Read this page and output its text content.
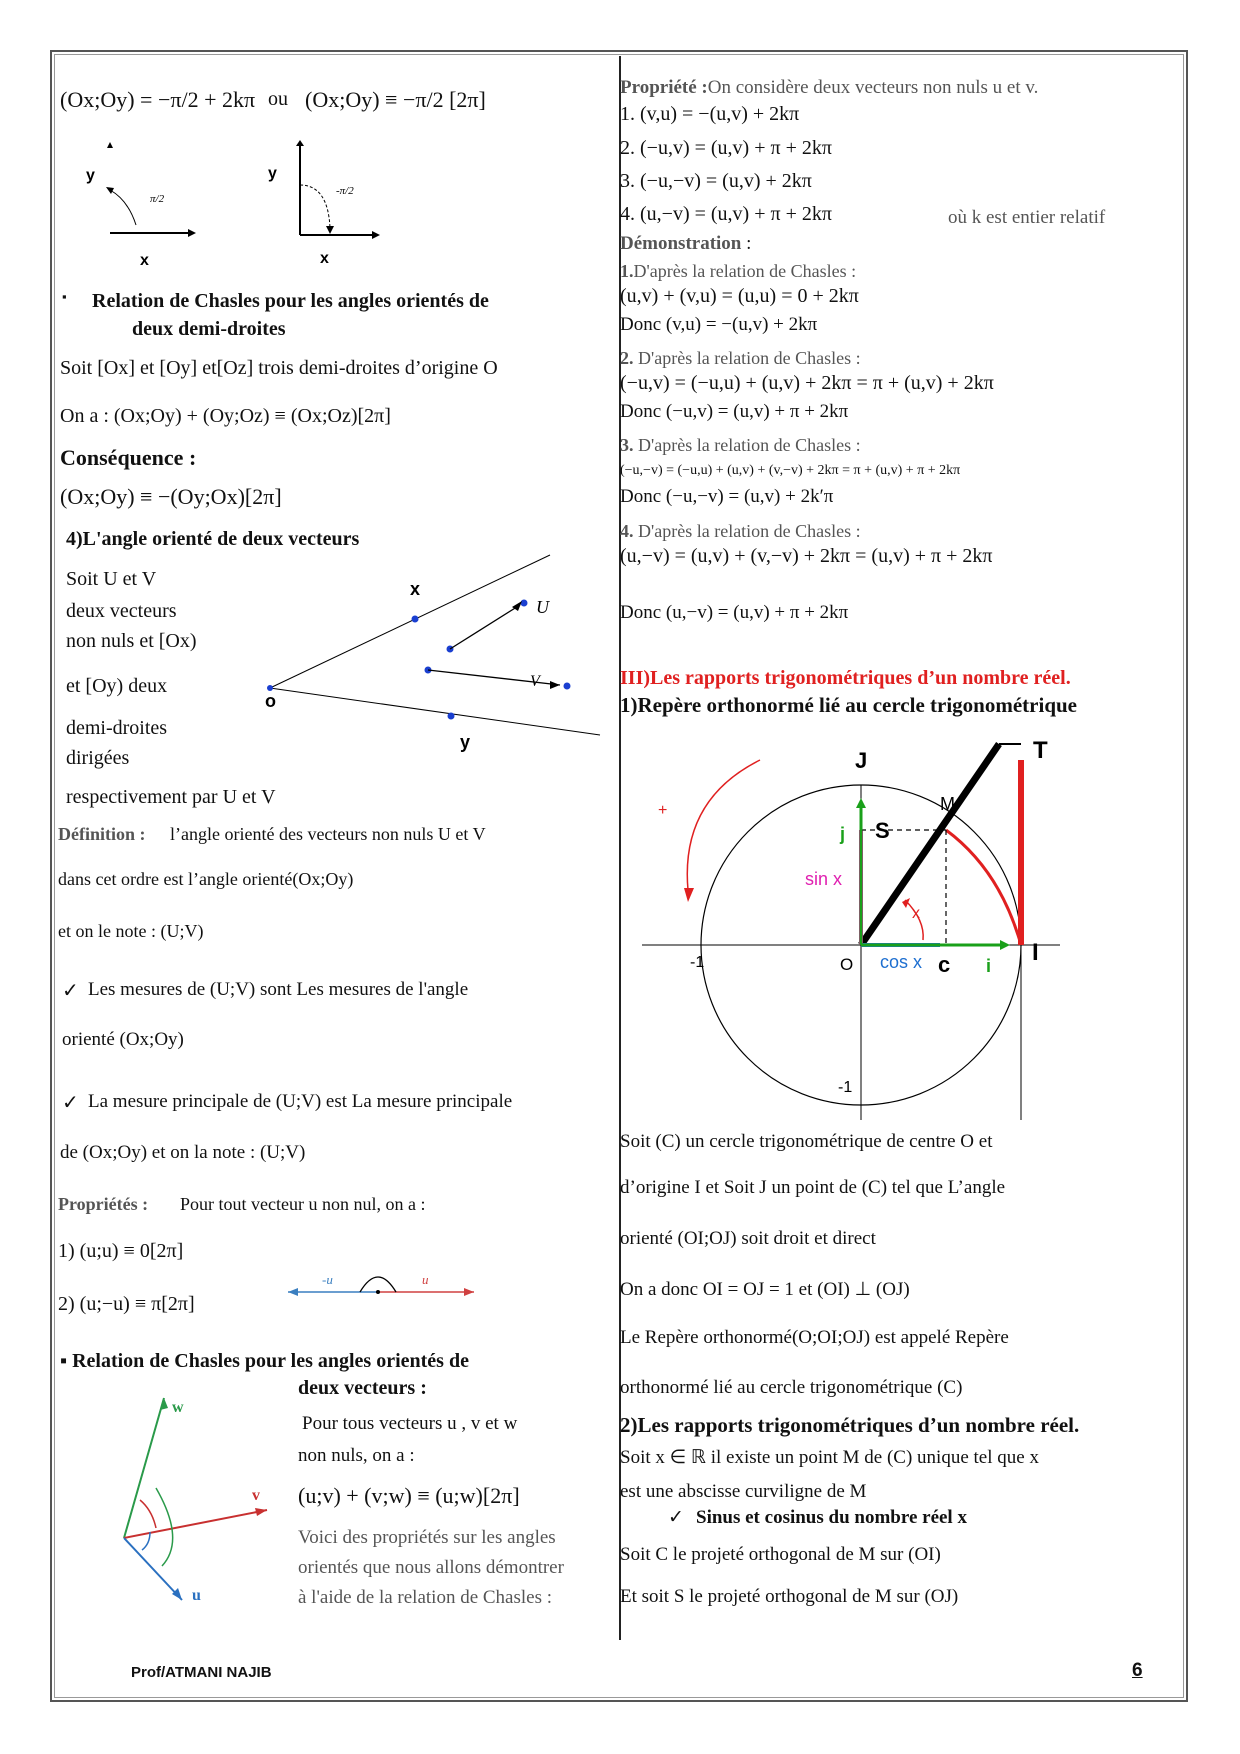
(Ox;Oy) = −π/2 + 2kπ ou (Ox;Oy) ≡ −π/2 [2π]
y
x
π/2
y
x
-π/2
▪ Relation de Chasles pour les angles orientés de
deux demi-droites
Soit [Ox] et [Oy] et[Oz] trois demi-droites d’origine O
On a : (Ox;Oy) + (Oy;Oz) ≡ (Ox;Oz)[2π]
Conséquence :
(Ox;Oy) ≡ −(Oy;Ox)[2π]
4)L'angle orienté de deux vecteurs
Soit U et V
deux vecteurs
non nuls et [Ox)
et [Oy) deux
demi-droites
dirigées
respectivement par U et V
x
U
V
o
y
Définition : l’angle orienté des vecteurs non nuls U et V
dans cet ordre est l’angle orienté(Ox;Oy)
et on le note : (U;V)
✓ Les mesures de (U;V) sont Les mesures de l'angle
orienté (Ox;Oy)
✓ La mesure principale de (U;V) est La mesure principale
de (Ox;Oy) et on la note : (U;V)
Propriétés : Pour tout vecteur u non nul, on a :
1) (u;u) ≡ 0[2π]
2) (u;−u) ≡ π[2π]
-u	u
▪ Relation de Chasles pour les angles orientés de
deux vecteurs :
Pour tous vecteurs u , v et w
non nuls, on a :
(u;v) + (v;w) ≡ (u;w)[2π]
Voici des propriétés sur les angles
orientés que nous allons démontrer
à l'aide de la relation de Chasles :
w
v
u
Propriété :On considère deux vecteurs non nuls u et v.
1. (v,u) = −(u,v) + 2kπ
2. (−u,v) = (u,v) + π + 2kπ
3. (−u,−v) = (u,v) + 2kπ
4. (u,−v) = (u,v) + π + 2kπ	où k est entier relatif
Démonstration :
1.D'après la relation de Chasles :
(u,v) + (v,u) = (u,u) = 0 + 2kπ
Donc (v,u) = −(u,v) + 2kπ
2. D'après la relation de Chasles :
(−u,v) = (−u,u) + (u,v) + 2kπ = π + (u,v) + 2kπ
Donc (−u,v) = (u,v) + π + 2kπ
3. D'après la relation de Chasles :
(−u,−v) = (−u,u) + (u,v) + (v,−v) + 2kπ = π + (u,v) + π + 2kπ
Donc (−u,−v) = (u,v) + 2k′π
4. D'après la relation de Chasles :
(u,−v) = (u,v) + (v,−v) + 2kπ = (u,v) + π + 2kπ
Donc (u,−v) = (u,v) + π + 2kπ
III)Les rapports trigonométriques d’un nombre réel.
1)Repère orthonormé lié au cercle trigonométrique
J	T
M
j S
sin x
x
+
-1	O cos x c i I
-1
Soit (C) un cercle trigonométrique de centre O et
d’origine I et Soit J un point de (C) tel que L’angle
orienté (OI;OJ) soit droit et direct
On a donc OI = OJ = 1 et (OI) ⊥ (OJ)
Le Repère orthonormé(O;OI;OJ) est appelé Repère
orthonormé lié au cercle trigonométrique (C)
2)Les rapports trigonométriques d’un nombre réel.
Soit x ∈ ℝ il existe un point M de (C) unique tel que x
est une abscisse curviligne de M
✓ Sinus et cosinus du nombre réel x
Soit C le projeté orthogonal de M sur (OI)
Et soit S le projeté orthogonal de M sur (OJ)
Prof/ATMANI NAJIB	6
